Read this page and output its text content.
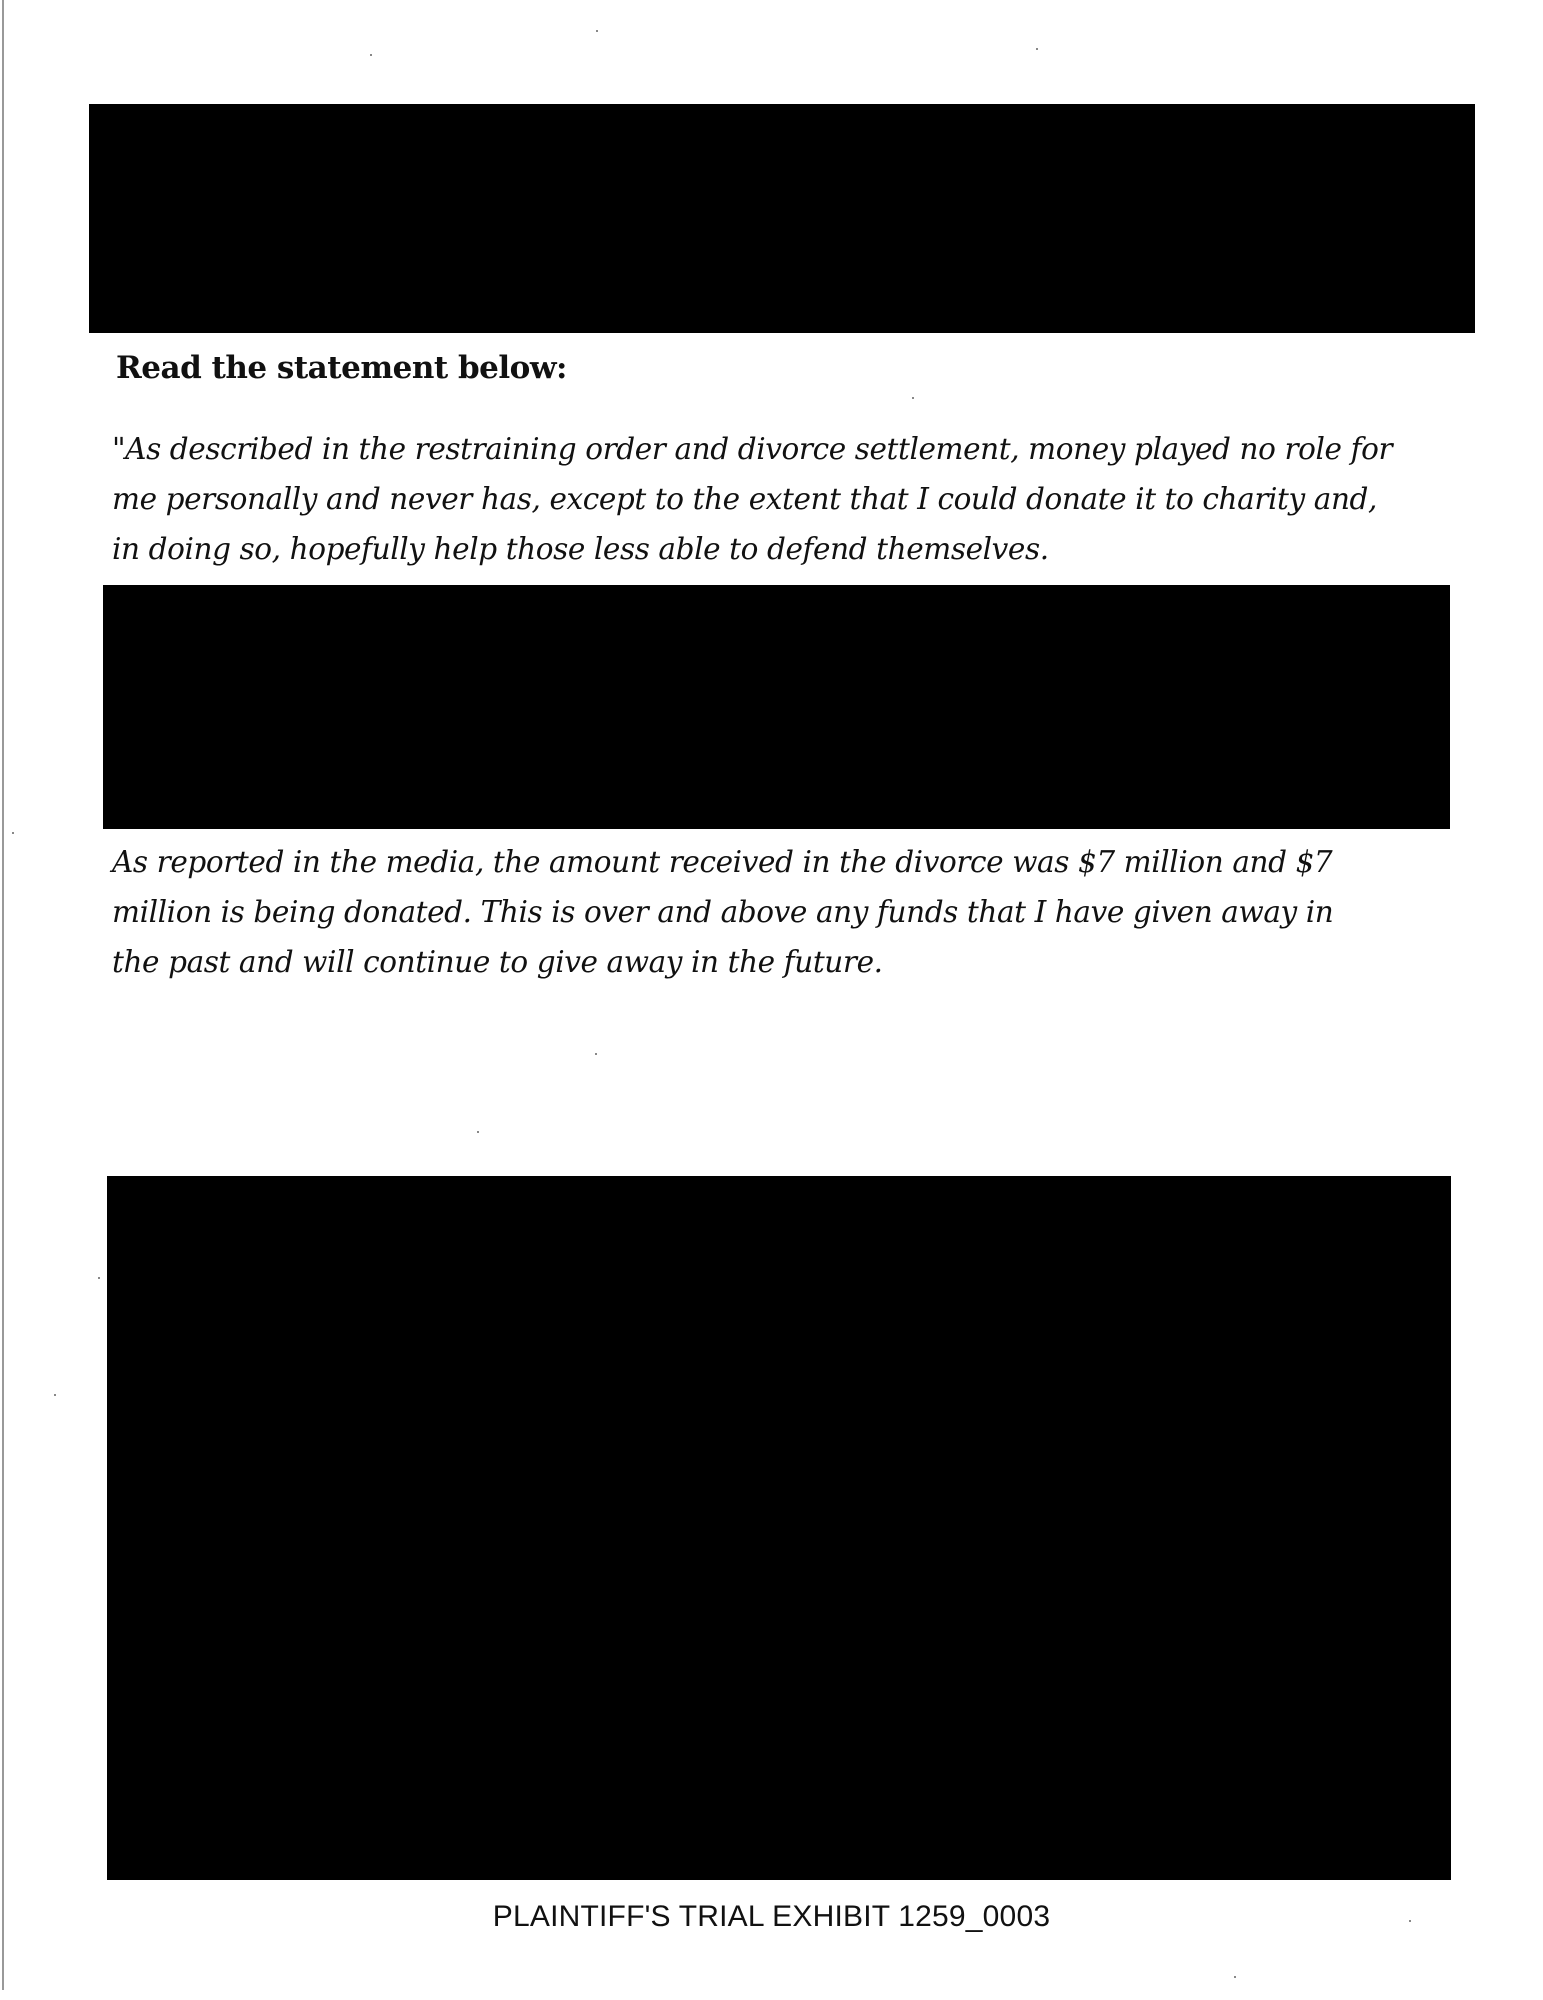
Read the statement below:

"As described in the restraining order and divorce settlement, money played no role for
me personally and never has, except to the extent that I could donate it to charity and,
in doing so, hopefully help those less able to defend themselves.

As reported in the media, the amount received in the divorce was $7 million and $7
million is being donated. This is over and above any funds that I have given away in
the past and will continue to give away in the future.

PLAINTIFF'S TRIAL EXHIBIT 1259_0003
